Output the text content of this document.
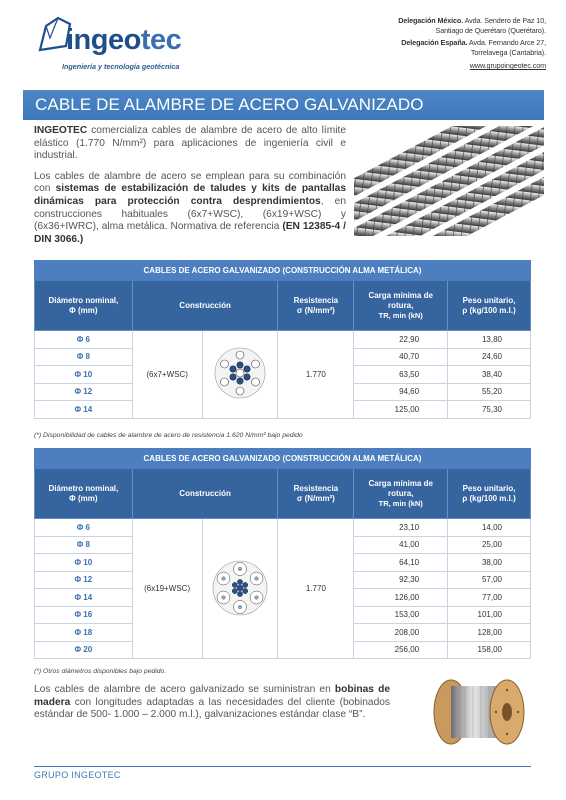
ingeotec
Ingeniería y tecnología geotécnica
Delegación México. Avda. Sendero de Paz 10,
Santiago de Querétaro (Querétaro).
Delegación España. Avda. Fernando Arce 27,
Torrelavega (Cantabria).
www.grupoingeotec.com
CABLE DE ALAMBRE DE ACERO GALVANIZADO

INGEOTEC comercializa cables de alambre de acero de alto límite elástico (1.770 N/mm²) para aplicaciones de ingeniería civil e industrial.

Los cables de alambre de acero se emplean para su combinación con sistemas de estabilización de taludes y kits de pantallas dinámicas para protección contra desprendimientos, en construcciones habituales (6x7+WSC), (6x19+WSC) y (6x36+IWRC), alma metálica. Normativa de referencia (EN 12385-4 / DIN 3066.)

CABLES DE ACERO GALVANIZADO (CONSTRUCCIÓN ALMA METÁLICA)					
Diámetro nominal,
Φ (mm)	Construcción		Resistencia
σ (N/mm²)	Carga mínima de
rotura,
TR, min (kN)	Peso unitario,
ρ (kg/100 m.l.)
Φ 6	(6x7+WSC)		1.770	22,90	13,80
Φ 8				40,70	24,60
Φ 10				63,50	38,40
Φ 12				94,60	55,20
Φ 14				125,00	75,30
(*) Disponibilidad de cables de alambre de acero de resistencia 1.620 N/mm² bajo pedido
CABLES DE ACERO GALVANIZADO (CONSTRUCCIÓN ALMA METÁLICA)					
Diámetro nominal,
Φ (mm)	Construcción		Resistencia
σ (N/mm²)	Carga mínima de
rotura,
TR, min (kN)	Peso unitario,
ρ (kg/100 m.l.)
Φ 6	(6x19+WSC)		1.770	23,10	14,00
Φ 8				41,00	25,00
Φ 10				64,10	38,00
Φ 12				92,30	57,00
Φ 14				126,00	77,00
Φ 16				153,00	101,00
Φ 18				208,00	128,00
Φ 20				256,00	158,00
(*) Otros diámetros disponibles bajo pedido.
Los cables de alambre de acero galvanizado se suministran en bobinas de madera con longitudes adaptadas a las necesidades del cliente (bobinados estándar de 500- 1.000 – 2.000 m.l.), galvanizaciones estándar clase “B”.
GRUPO INGEOTEC
